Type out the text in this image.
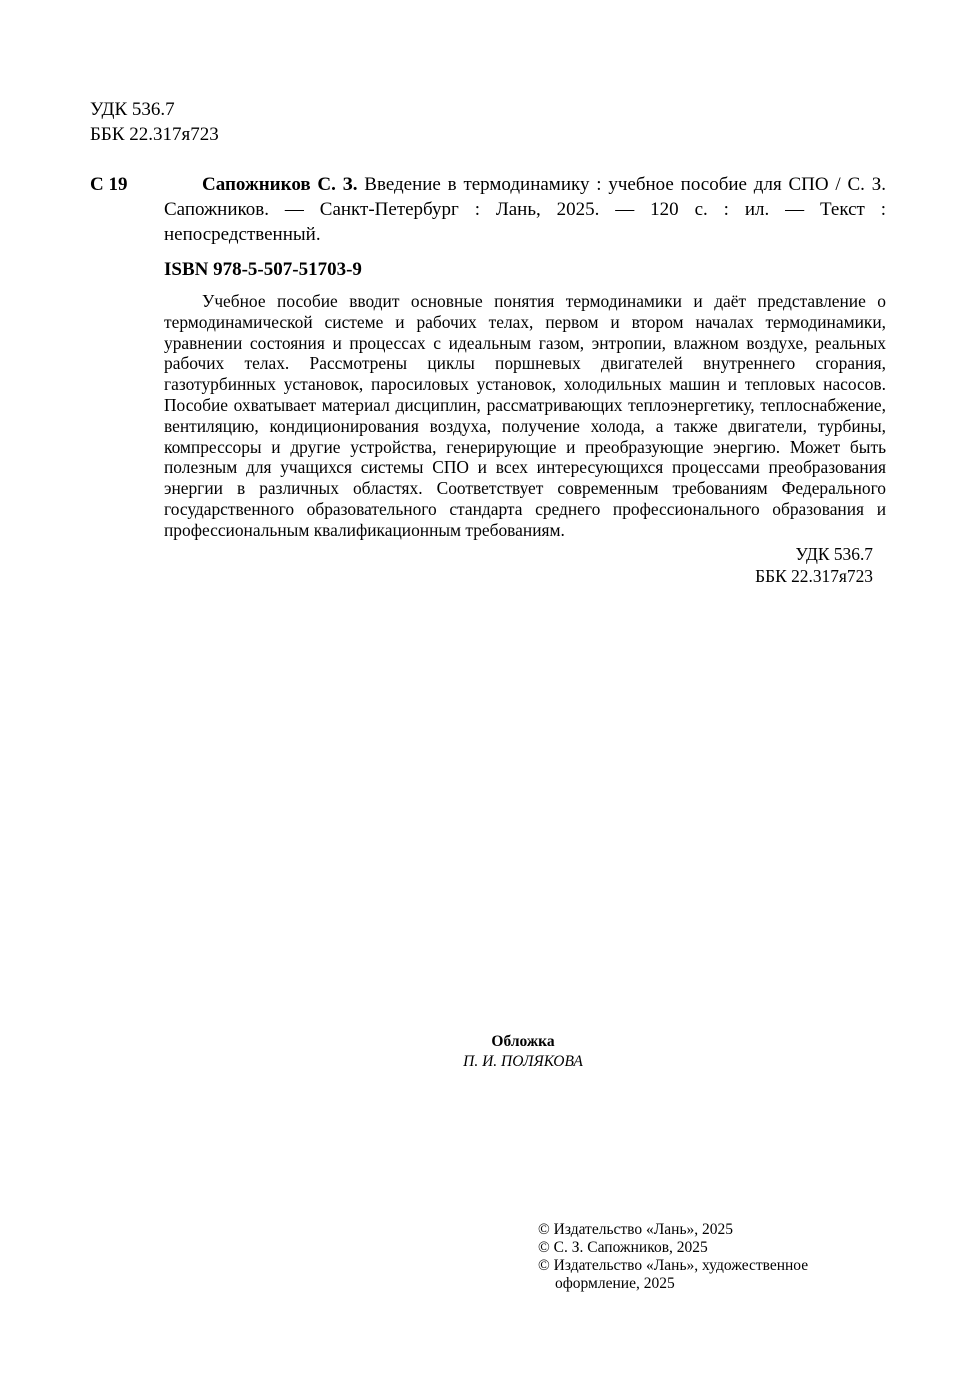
УДК 536.7
ББК 22.317я723
С 19	Сапожников С. З. Введение в термодинамику : учебное пособие для СПО / С. З. Сапожников. — Санкт-Петербург : Лань, 2025. — 120 с. : ил. — Текст : непосредственный.
ISBN 978-5-507-51703-9
Учебное пособие вводит основные понятия термодинамики и даёт представление о термодинамической системе и рабочих телах, первом и втором началах термодинамики, уравнении состояния и процессах с идеальным газом, энтропии, влажном воздухе, реальных рабочих телах. Рассмотрены циклы поршневых двигателей внутреннего сгорания, газотурбинных установок, паросиловых установок, холодильных машин и тепловых насосов. Пособие охватывает материал дисциплин, рассматривающих теплоэнергетику, теплоснабжение, вентиляцию, кондиционирования воздуха, получение холода, а также двигатели, турбины, компрессоры и другие устройства, генерирующие и преобразующие энергию. Может быть полезным для учащихся системы СПО и всех интересующихся процессами преобразования энергии в различных областях. Соответствует современным требованиям Федерального государственного образовательного стандарта среднего профессионального образования и профессиональным квалификационным требованиям.
УДК 536.7
ББК 22.317я723
Обложка
П. И. ПОЛЯКОВА
© Издательство «Лань», 2025
© С. З. Сапожников, 2025
© Издательство «Лань», художественное
оформление, 2025
